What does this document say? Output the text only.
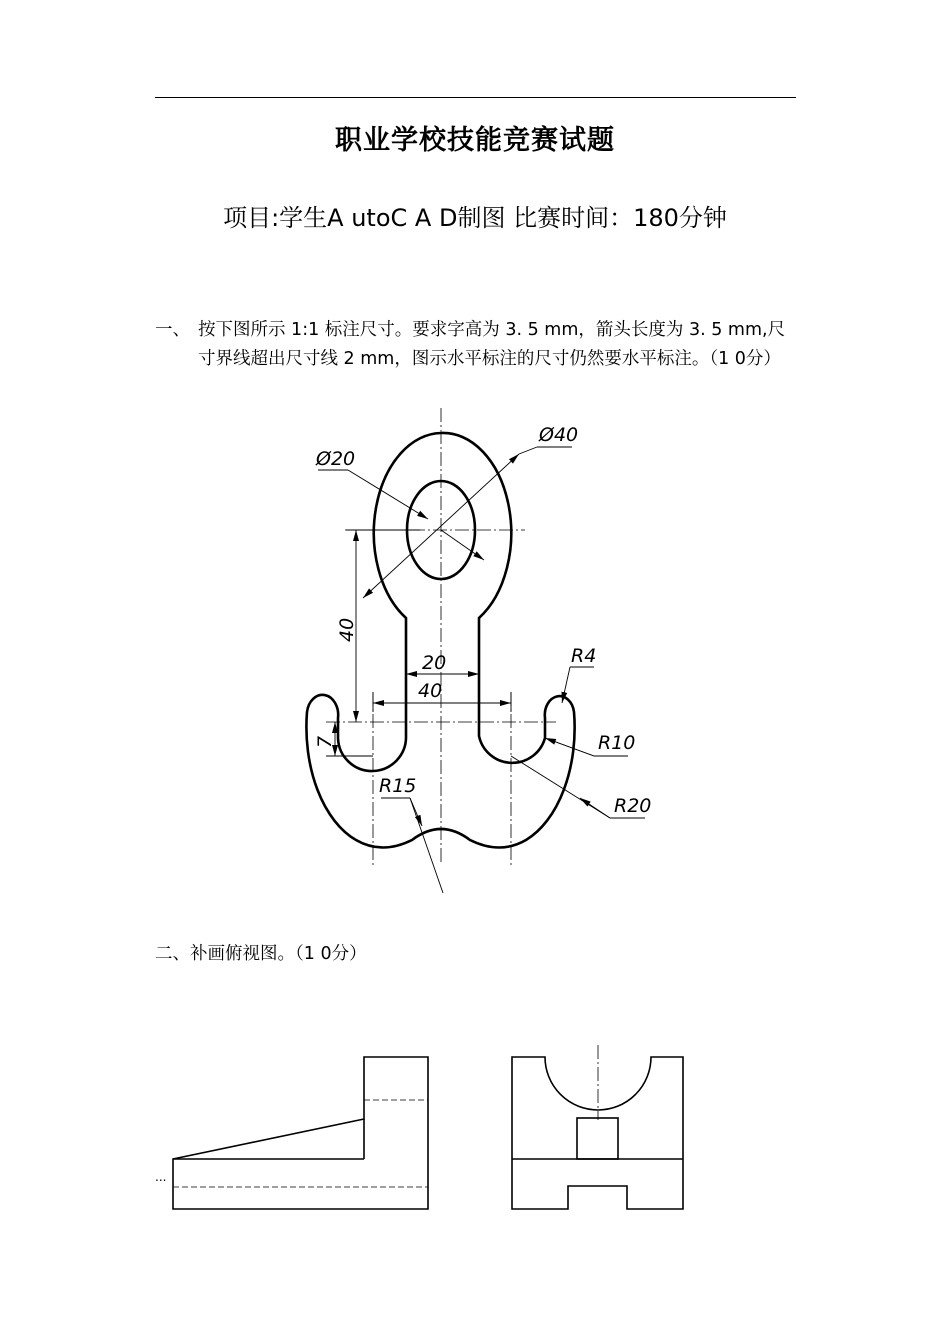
职业学校技能竞赛试题
项目:学生A utoC A D制图 比赛时间：180分钟
一、 按下图所示 1:1 标注尺寸。要求字高为 3. 5 mm，箭头长度为 3. 5 mm,尺寸界线超出尺寸线 2 mm，图示水平标注的尺寸仍然要水平标注。（1 0分）
二、补画俯视图。（1 0分）
...
Ø40
Ø20
40
20
40
R4
R10
R15
R20
7
